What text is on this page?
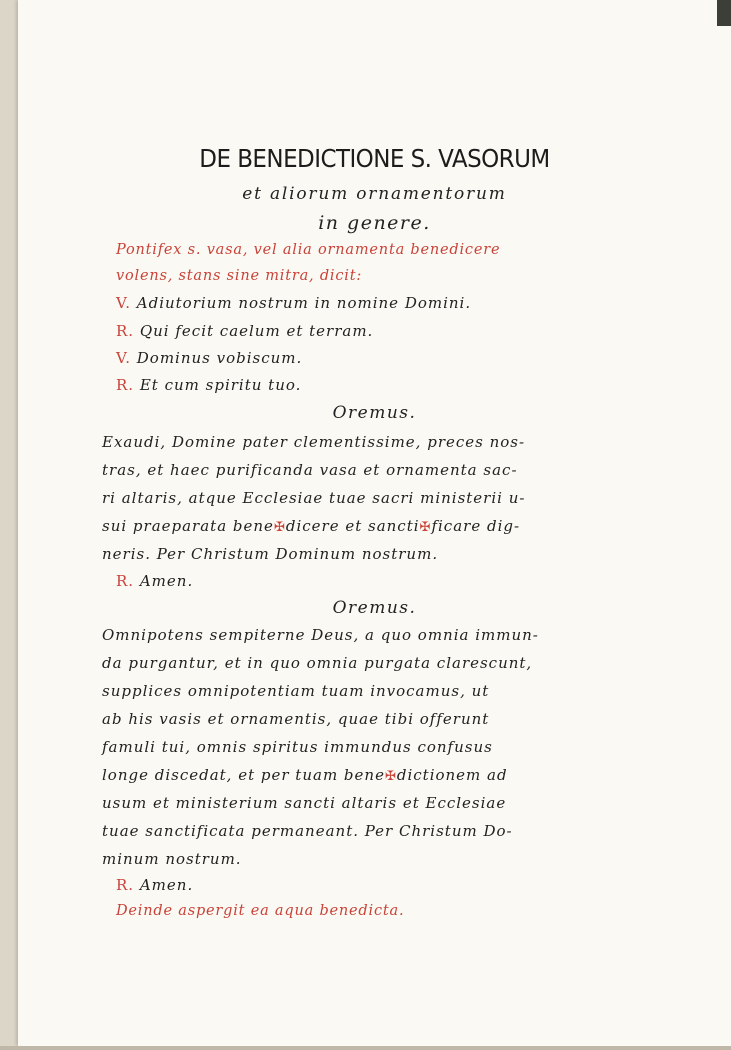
DE BENEDICTIONE S. VASORUM
et aliorum ornamentorum
in genere.
Pontifex s. vasa, vel alia ornamenta benedicere
volens, stans sine mitra, dicit:
V. Adiutorium nostrum in nomine Domini.
R. Qui fecit caelum et terram.
V. Dominus vobiscum.
R. Et cum spiritu tuo.
Oremus.
Exaudi, Domine pater clementissime, preces nos-
tras, et haec purificanda vasa et ornamenta sac-
ri altaris, atque Ecclesiae tuae sacri ministerii u-
sui praeparata bene✠dicere et sancti✠ficare dig-
neris. Per Christum Dominum nostrum.
R. Amen.
Oremus.
Omnipotens sempiterne Deus, a quo omnia immun-
da purgantur, et in quo omnia purgata clarescunt,
supplices omnipotentiam tuam invocamus, ut
ab his vasis et ornamentis, quae tibi offerunt
famuli tui, omnis spiritus immundus confusus
longe discedat, et per tuam bene✠dictionem ad
usum et ministerium sancti altaris et Ecclesiae
tuae sanctificata permaneant. Per Christum Do-
minum nostrum.
R. Amen.
Deinde aspergit ea aqua benedicta.
